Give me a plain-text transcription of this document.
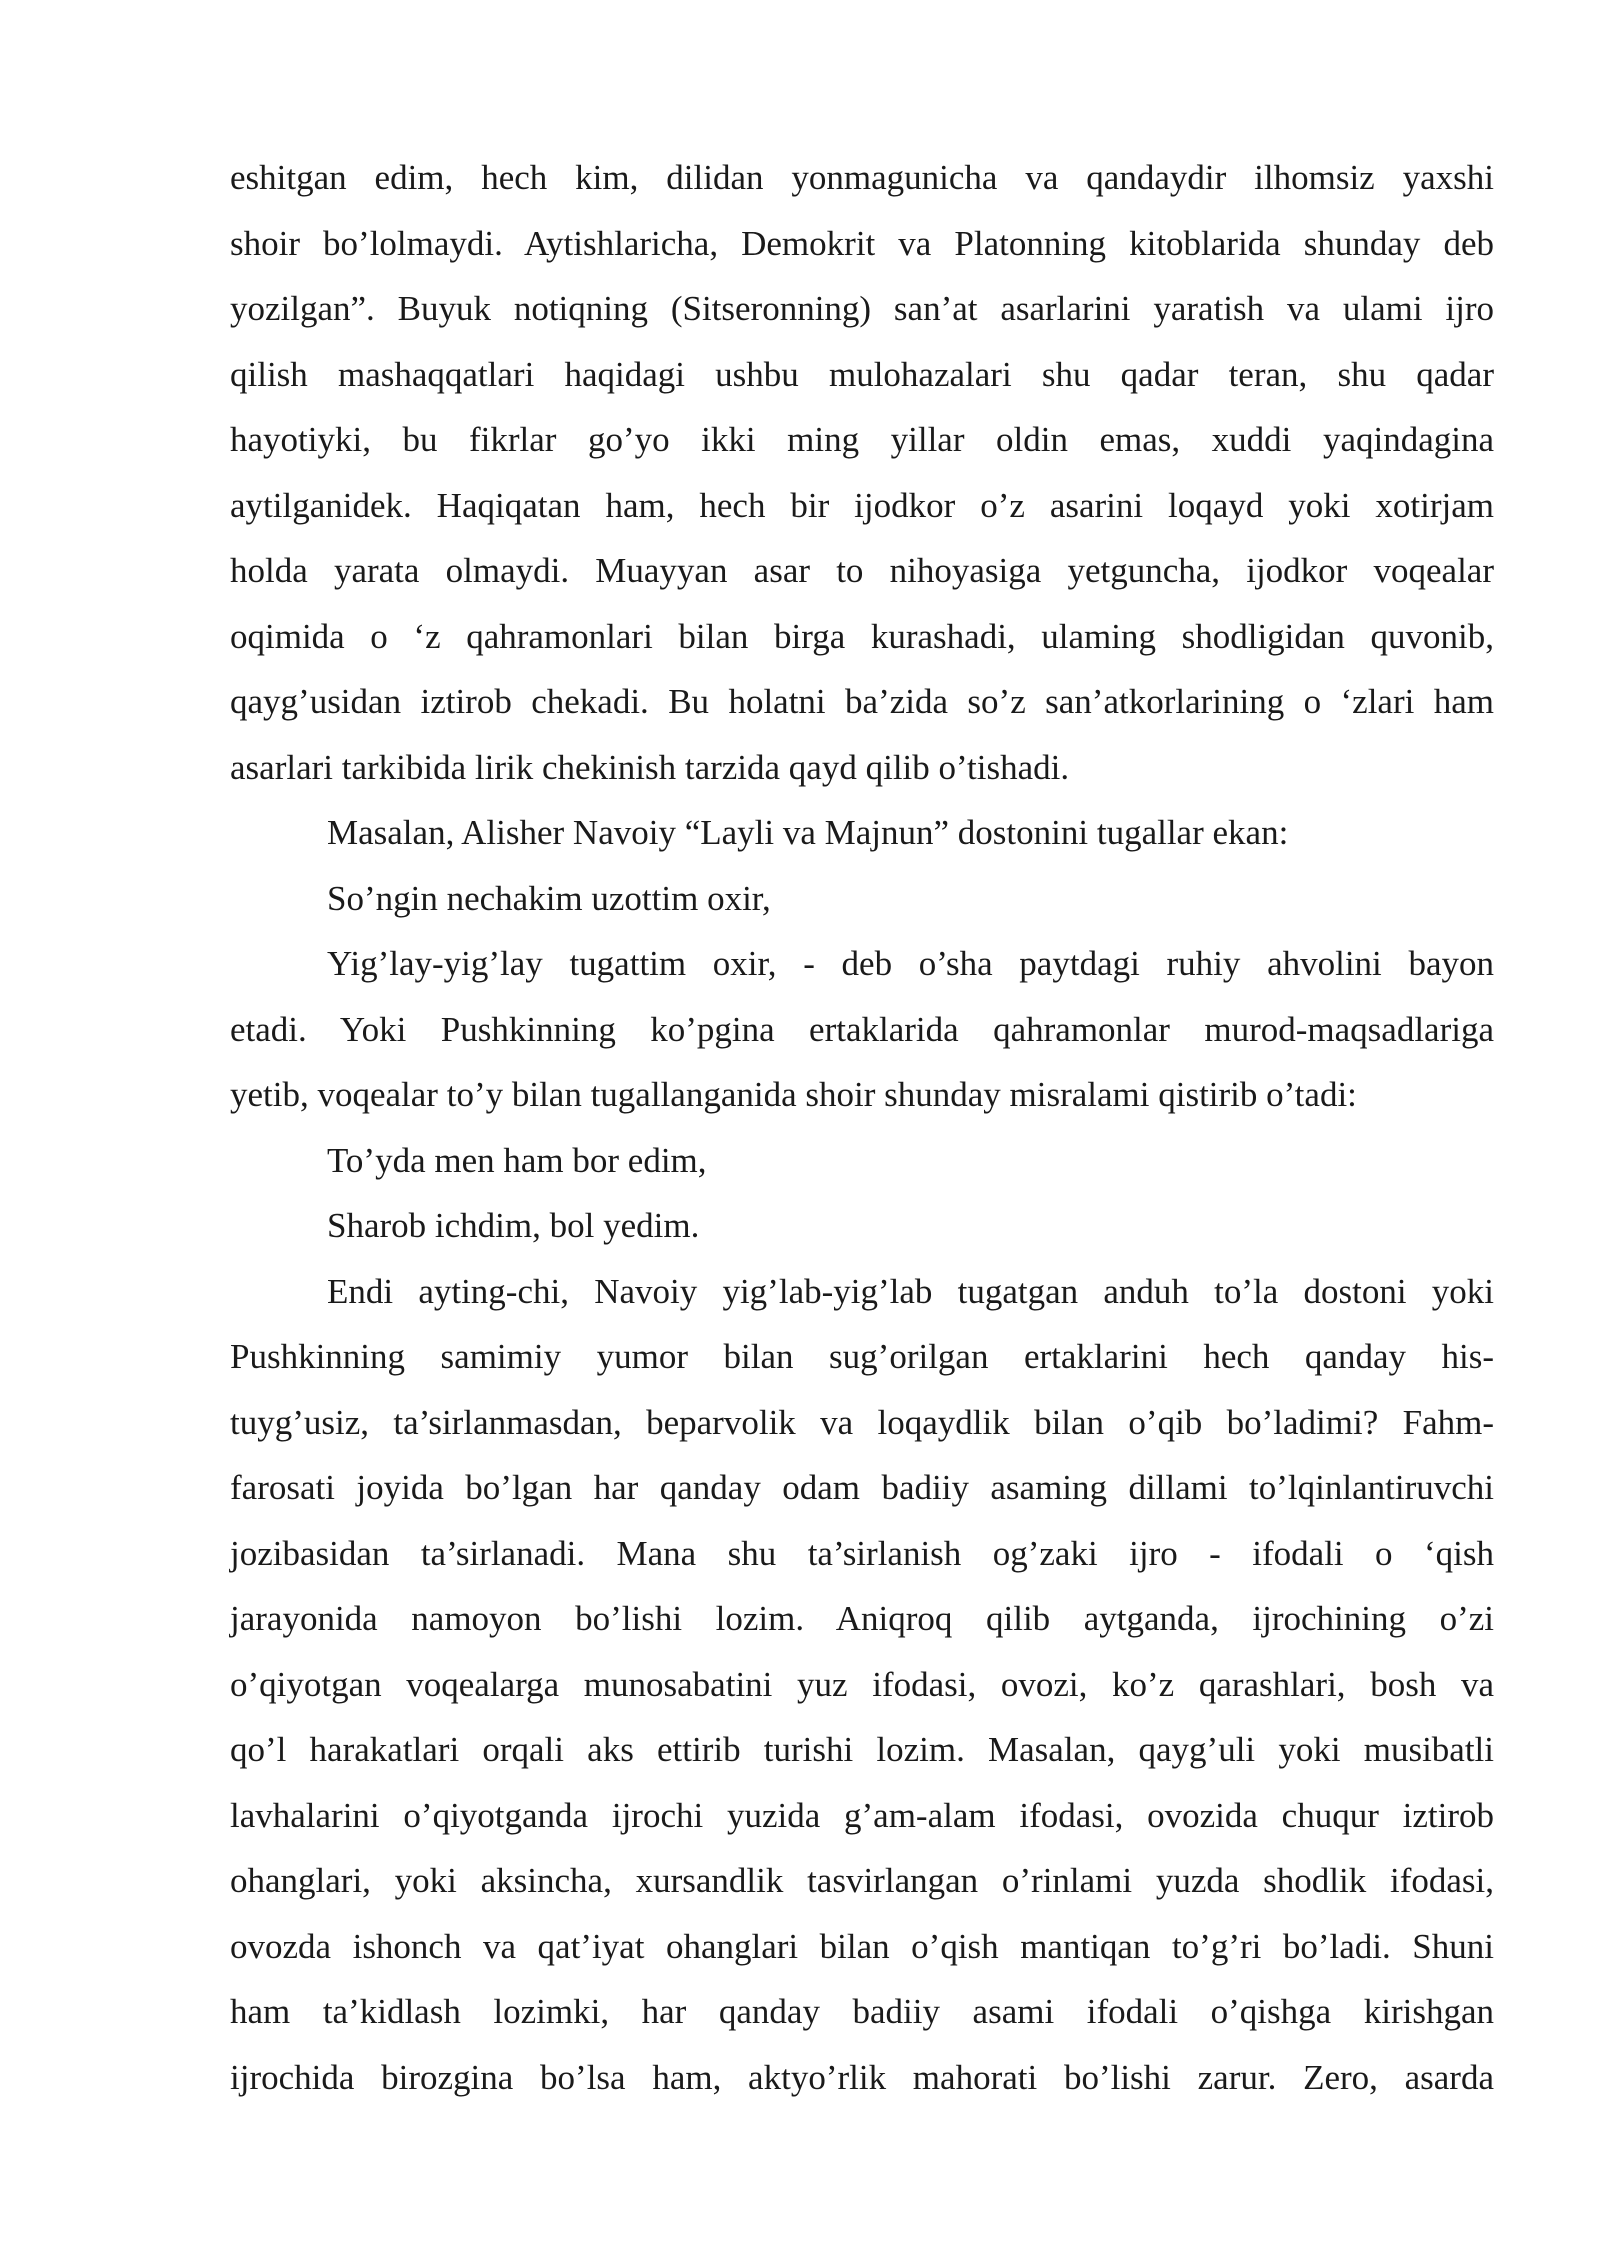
eshitgan edim, hech kim, dilidan yonmagunicha va qandaydir ilhomsiz yaxshi

shoir bo’lolmaydi. Aytishlaricha, Demokrit va Platonning kitoblarida shunday deb

yozilgan”. Buyuk notiqning (Sitseronning) san’at asarlarini yaratish va ulami ijro

qilish mashaqqatlari haqidagi ushbu mulohazalari shu qadar teran, shu qadar

hayotiyki, bu fikrlar go’yo ikki ming yillar oldin emas, xuddi yaqindagina

aytilganidek. Haqiqatan ham, hech bir ijodkor o’z asarini loqayd yoki xotirjam

holda yarata olmaydi. Muayyan asar to nihoyasiga yetguncha, ijodkor voqealar

oqimida o ‘z qahramonlari bilan birga kurashadi, ulaming shodligidan quvonib,

qayg’usidan iztirob chekadi. Bu holatni ba’zida so’z san’atkorlarining o ‘zlari ham

asarlari tarkibida lirik chekinish tarzida qayd qilib o’tishadi.

Masalan, Alisher Navoiy “Layli va Majnun” dostonini tugallar ekan:

So’ngin nechakim uzottim oxir,

Yig’lay-yig’lay tugattim oxir, - deb o’sha paytdagi ruhiy ahvolini bayon

etadi. Yoki Pushkinning ko’pgina ertaklarida qahramonlar murod-maqsadlariga

yetib, voqealar to’y bilan tugallanganida shoir shunday misralami qistirib o’tadi:

To’yda men ham bor edim,

Sharob ichdim, bol yedim.

Endi ayting-chi, Navoiy yig’lab-yig’lab tugatgan anduh to’la dostoni yoki

Pushkinning samimiy yumor bilan sug’orilgan ertaklarini hech qanday his-

tuyg’usiz, ta’sirlanmasdan, beparvolik va loqaydlik bilan o’qib bo’ladimi? Fahm-

farosati joyida bo’lgan har qanday odam badiiy asaming dillami to’lqinlantiruvchi

jozibasidan ta’sirlanadi. Mana shu ta’sirlanish og’zaki ijro - ifodali o ‘qish

jarayonida namoyon bo’lishi lozim. Aniqroq qilib aytganda, ijrochining o’zi

o’qiyotgan voqealarga munosabatini yuz ifodasi, ovozi, ko’z qarashlari, bosh va

qo’l harakatlari orqali aks ettirib turishi lozim. Masalan, qayg’uli yoki musibatli

lavhalarini o’qiyotganda ijrochi yuzida g’am-alam ifodasi, ovozida chuqur iztirob

ohanglari, yoki aksincha, xursandlik tasvirlangan o’rinlami yuzda shodlik ifodasi,

ovozda ishonch va qat’iyat ohanglari bilan o’qish mantiqan to’g’ri bo’ladi. Shuni

ham ta’kidlash lozimki, har qanday badiiy asami ifodali o’qishga kirishgan

ijrochida birozgina bo’lsa ham, aktyo’rlik mahorati bo’lishi zarur. Zero, asarda
